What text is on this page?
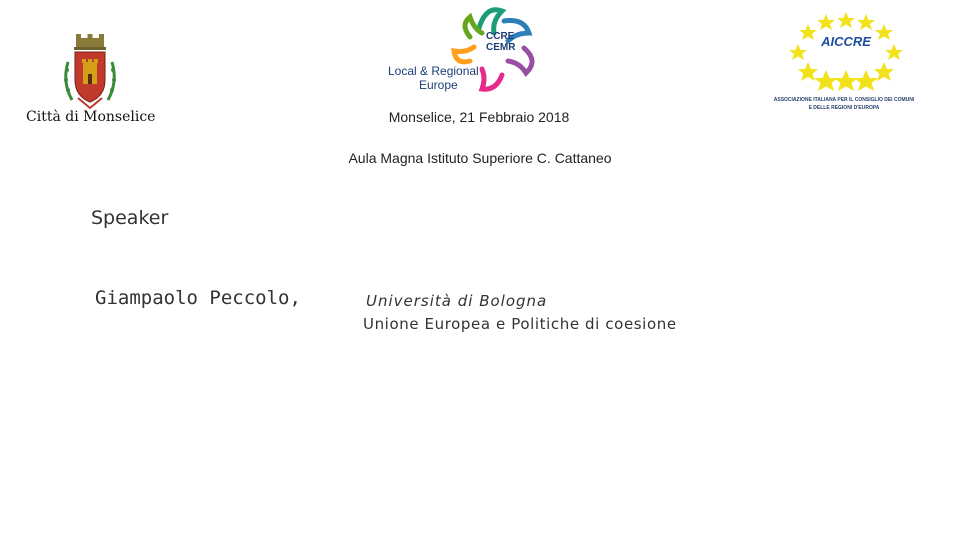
Città di Monselice
CCRE
CEMR
Local & Regional
Europe
AICCRE
ASSOCIAZIONE ITALIANA PER IL CONSIGLIO DEI COMUNI
E DELLE REGIONI D'EUROPA
Monselice, 21 Febbraio 2018
Aula Magna Istituto Superiore C. Cattaneo
Speaker
Giampaolo Peccolo,	Università di Bologna
Unione Europea e Politiche di coesione
